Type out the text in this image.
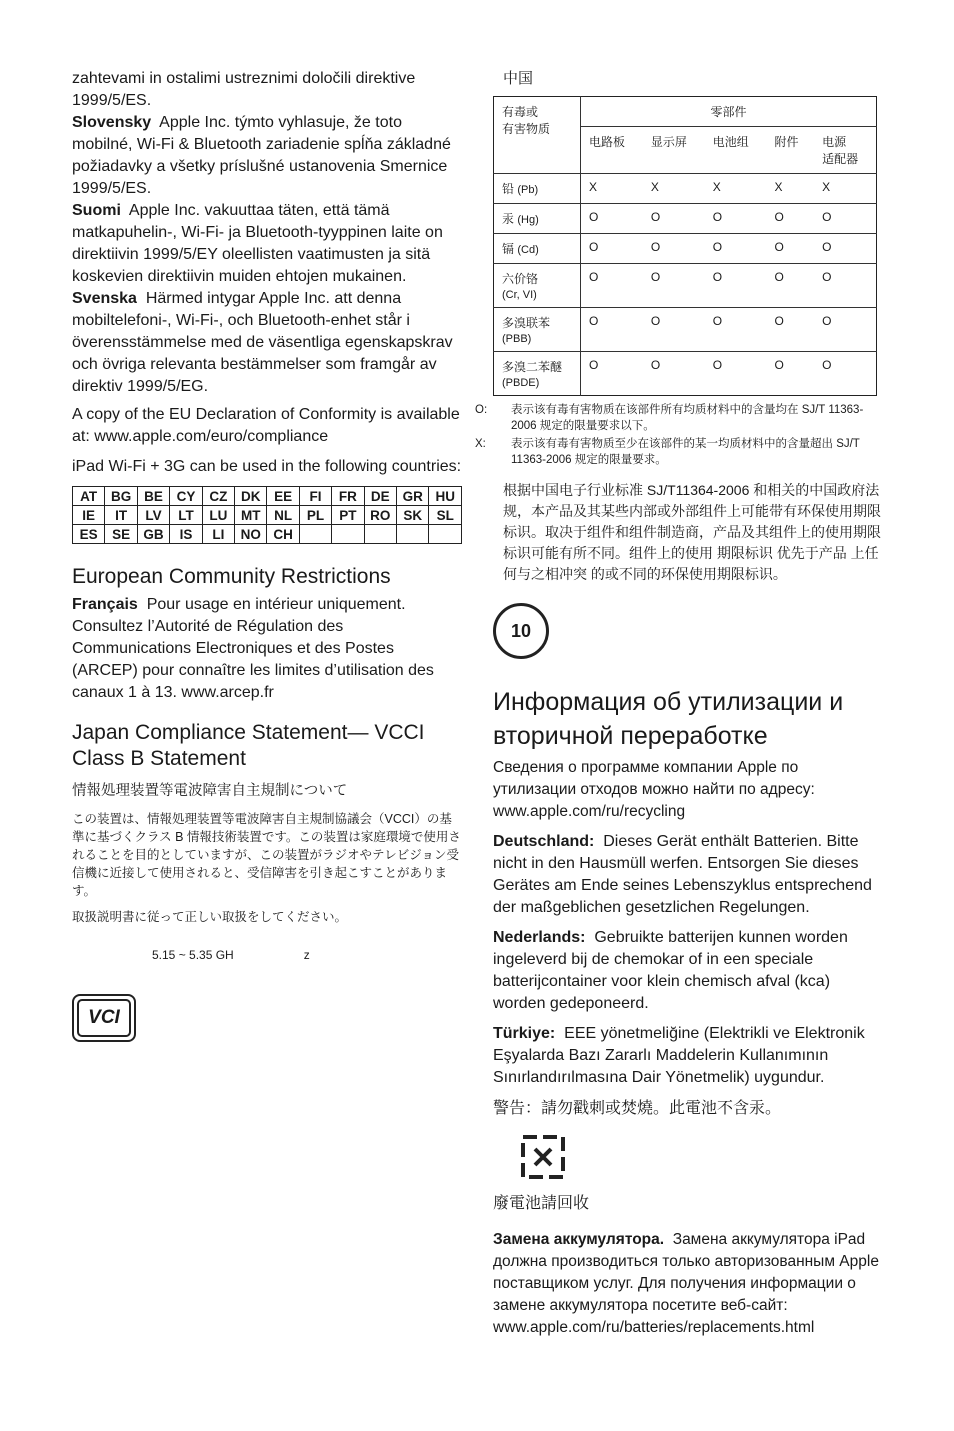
zahtevami in ostalimi ustreznimi določili direktive 1999/5/ES.

Slovensky Apple Inc. týmto vyhlasuje, že toto mobilné, Wi-Fi & Bluetooth zariadenie spĺňa základné požiadavky a všetky príslušné ustanovenia Smernice 1999/5/ES.

Suomi Apple Inc. vakuuttaa täten, että tämä matkapuhelin-, Wi-Fi- ja Bluetooth-tyyppinen laite on direktiivin 1999/5/EY oleellisten vaatimusten ja sitä koskevien direktiivin muiden ehtojen mukainen.

Svenska Härmed intygar Apple Inc. att denna mobiltelefoni-, Wi-Fi-, och Bluetooth-enhet står i överensstämmelse med de väsentliga egenskapskrav och övriga relevanta bestämmelser som framgår av direktiv 1999/5/EG.

A copy of the EU Declaration of Conformity is available at: www.apple.com/euro/compliance

iPad Wi-Fi + 3G can be used in the following countries:

AT	BG	BE	CY	CZ	DK	EE	FI	FR	DE	GR	HU
IE	IT	LV	LT	LU	MT	NL	PL	PT	RO	SK	SL
ES	SE	GB	IS	LI	NO	CH					
European Community Restrictions

Français Pour usage en intérieur uniquement. Consultez l’Autorité de Régulation des Communications Electroniques et des Postes (ARCEP) pour connaître les limites d’utilisation des canaux 1 à 13. www.arcep.fr

Japan Compliance Statement— VCCI Class B Statement

情報処理装置等電波障害自主規制について

この装置は、情報処理装置等電波障害自主規制協議会（VCCI）の基準に基づくクラス B 情報技術装置です。この装置は家庭環境で使用されることを目的としていますが、この装置がラジオやテレビジョン受信機に近接して使用されると、受信障害を引き起こすことがあります。

取扱説明書に従って正しい取扱をしてください。

5.15 ~ 5.35 GH	z

VCI

中国

有毒或
有害物质	零部件				
	电路板	显示屏	电池组	附件	电源
适配器
铅 (Pb)	X	X	X	X	X
汞 (Hg)	O	O	O	O	O
镉 (Cd)	O	O	O	O	O
六价铬
(Cr, VI)	O	O	O	O	O
多溴联苯
(PBB)	O	O	O	O	O
多溴二苯醚
(PBDE)	O	O	O	O	O

O: 表示该有毒有害物质在该部件所有均质材料中的含量均在 SJ/T 11363-2006 规定的限量要求以下。

X: 表示该有毒有害物质至少在该部件的某一均质材料中的含量超出 SJ/T 11363-2006 规定的限量要求。

根据中国电子行业标准 SJ/T11364-2006 和相关的中国政府法规，本产品及其某些内部或外部组件上可能带有环保使用期限标识。取决于组件和组件制造商，产品及其组件上的使用期限标识可能有所不同。组件上的使用 期限标识 优先于产品 上任何与之相冲突 的或不同的环保使用期限标识。

10
Информация об утилизации и вторичной переработке

Сведения о программе компании Apple по утилизации отходов можно найти по адресу: www.apple.com/ru/recycling

Deutschland: Dieses Gerät enthält Batterien. Bitte nicht in den Hausmüll werfen. Entsorgen Sie dieses Gerätes am Ende seines Lebenszyklus entsprechend der maßgeblichen gesetzlichen Regelungen.

Nederlands: Gebruikte batterijen kunnen worden ingeleverd bij de chemokar of in een speciale batterijcontainer voor klein chemisch afval (kca) worden gedeponeerd.

Türkiye: EEE yönetmeliğine (Elektrikli ve Elektronik Eşyalarda Bazı Zararlı Maddelerin Kullanımının Sınırlandırılmasına Dair Yönetmelik) uygundur.

警告：請勿戳刺或焚燒。此電池不含汞。

廢電池請回收

Замена аккумулятора. Замена аккумулятора iPad должна производиться только авторизованным Apple поставщиком услуг. Для получения информации о замене аккумулятора посетите веб-сайт: www.apple.com/ru/batteries/replacements.html
